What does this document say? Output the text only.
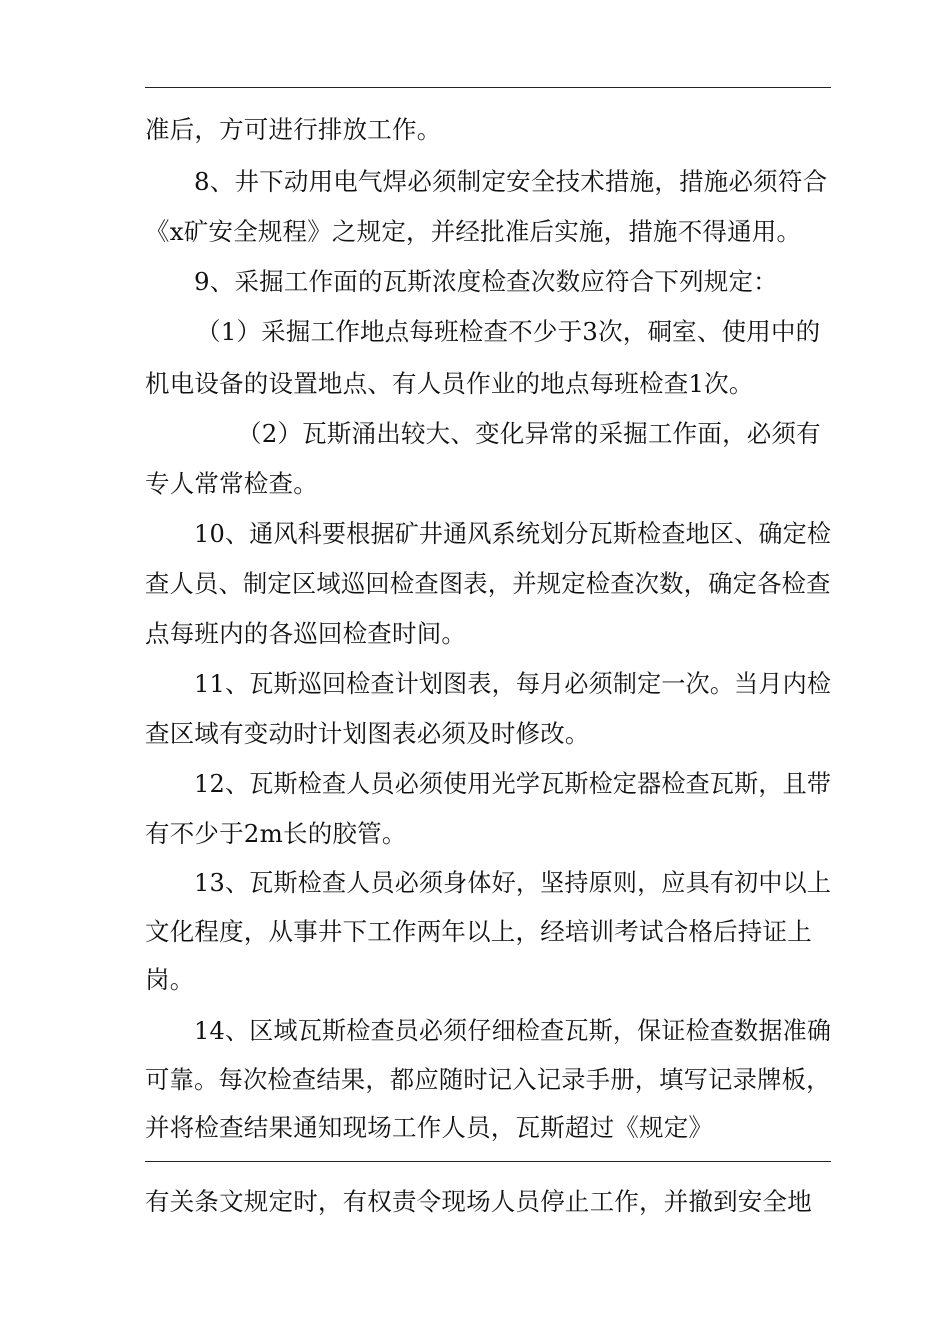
准后，方可进行排放工作。

8、井下动用电气焊必须制定安全技术措施，措施必须符合

《x矿安全规程》之规定，并经批准后实施，措施不得通用。

9、采掘工作面的瓦斯浓度检查次数应符合下列规定：

（1）采掘工作地点每班检查不少于3次，硐室、使用中的

机电设备的设置地点、有人员作业的地点每班检查1次。

（2）瓦斯涌出较大、变化异常的采掘工作面，必须有

专人常常检查。

10、通风科要根据矿井通风系统划分瓦斯检查地区、确定检

查人员、制定区域巡回检查图表，并规定检查次数，确定各检查

点每班内的各巡回检查时间。

11、瓦斯巡回检查计划图表，每月必须制定一次。当月内检

查区域有变动时计划图表必须及时修改。

12、瓦斯检查人员必须使用光学瓦斯检定器检查瓦斯，且带

有不少于2m长的胶管。

13、瓦斯检查人员必须身体好，坚持原则，应具有初中以上

文化程度，从事井下工作两年以上，经培训考试合格后持证上

岗。

14、区域瓦斯检查员必须仔细检查瓦斯，保证检查数据准确

可靠。每次检查结果，都应随时记入记录手册，填写记录牌板，

并将检查结果通知现场工作人员，瓦斯超过《规定》

有关条文规定时，有权责令现场人员停止工作，并撤到安全地
